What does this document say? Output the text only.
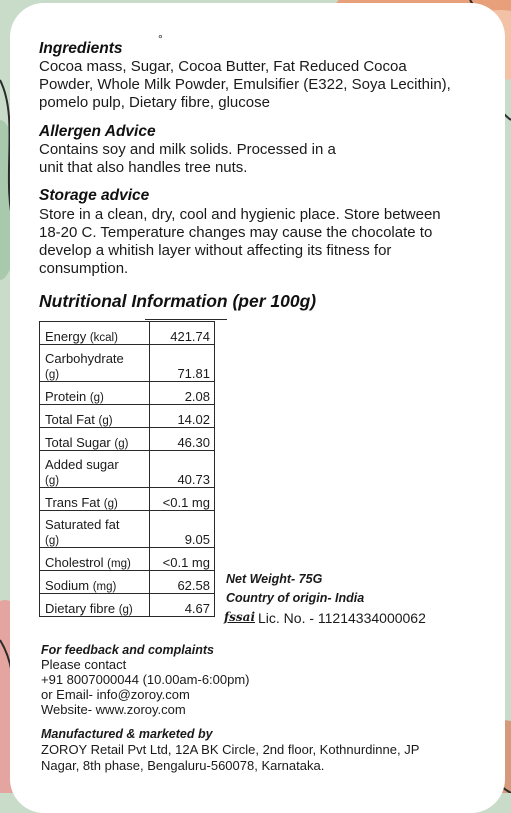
Ingredients
°
Cocoa mass, Sugar, Cocoa Butter, Fat Reduced Cocoa
Powder, Whole Milk Powder, Emulsifier (E322, Soya Lecithin),
pomelo pulp, Dietary fibre, glucose
Allergen Advice
Contains soy and milk solids. Processed in a
unit that also handles tree nuts.
Storage advice
Store in a clean, dry, cool and hygienic place. Store between
18-20 C. Temperature changes may cause the chocolate to
develop a whitish layer without affecting its fitness for
consumption.
Nutritional Information (per 100g)
Energy (kcal)	421.74
Carbohydrate
(g)	71.81
Protein (g)	2.08
Total Fat (g)	14.02
Total Sugar (g)	46.30
Added sugar
(g)	40.73
Trans Fat (g)	<0.1 mg
Saturated fat
(g)	9.05
Cholestrol (mg)	<0.1 mg
Sodium (mg)	62.58
Dietary fibre (g)	4.67
Net Weight- 75G
Country of origin- India
fssai Lic. No. - 11214334000062
For feedback and complaints
Please contact
+91 8007000044 (10.00am-6:00pm)
or Email- info@zoroy.com
Website- www.zoroy.com
Manufactured & marketed by
ZOROY Retail Pvt Ltd, 12A BK Circle, 2nd floor, Kothnurdinne, JP
Nagar, 8th phase, Bengaluru-560078, Karnataka.
